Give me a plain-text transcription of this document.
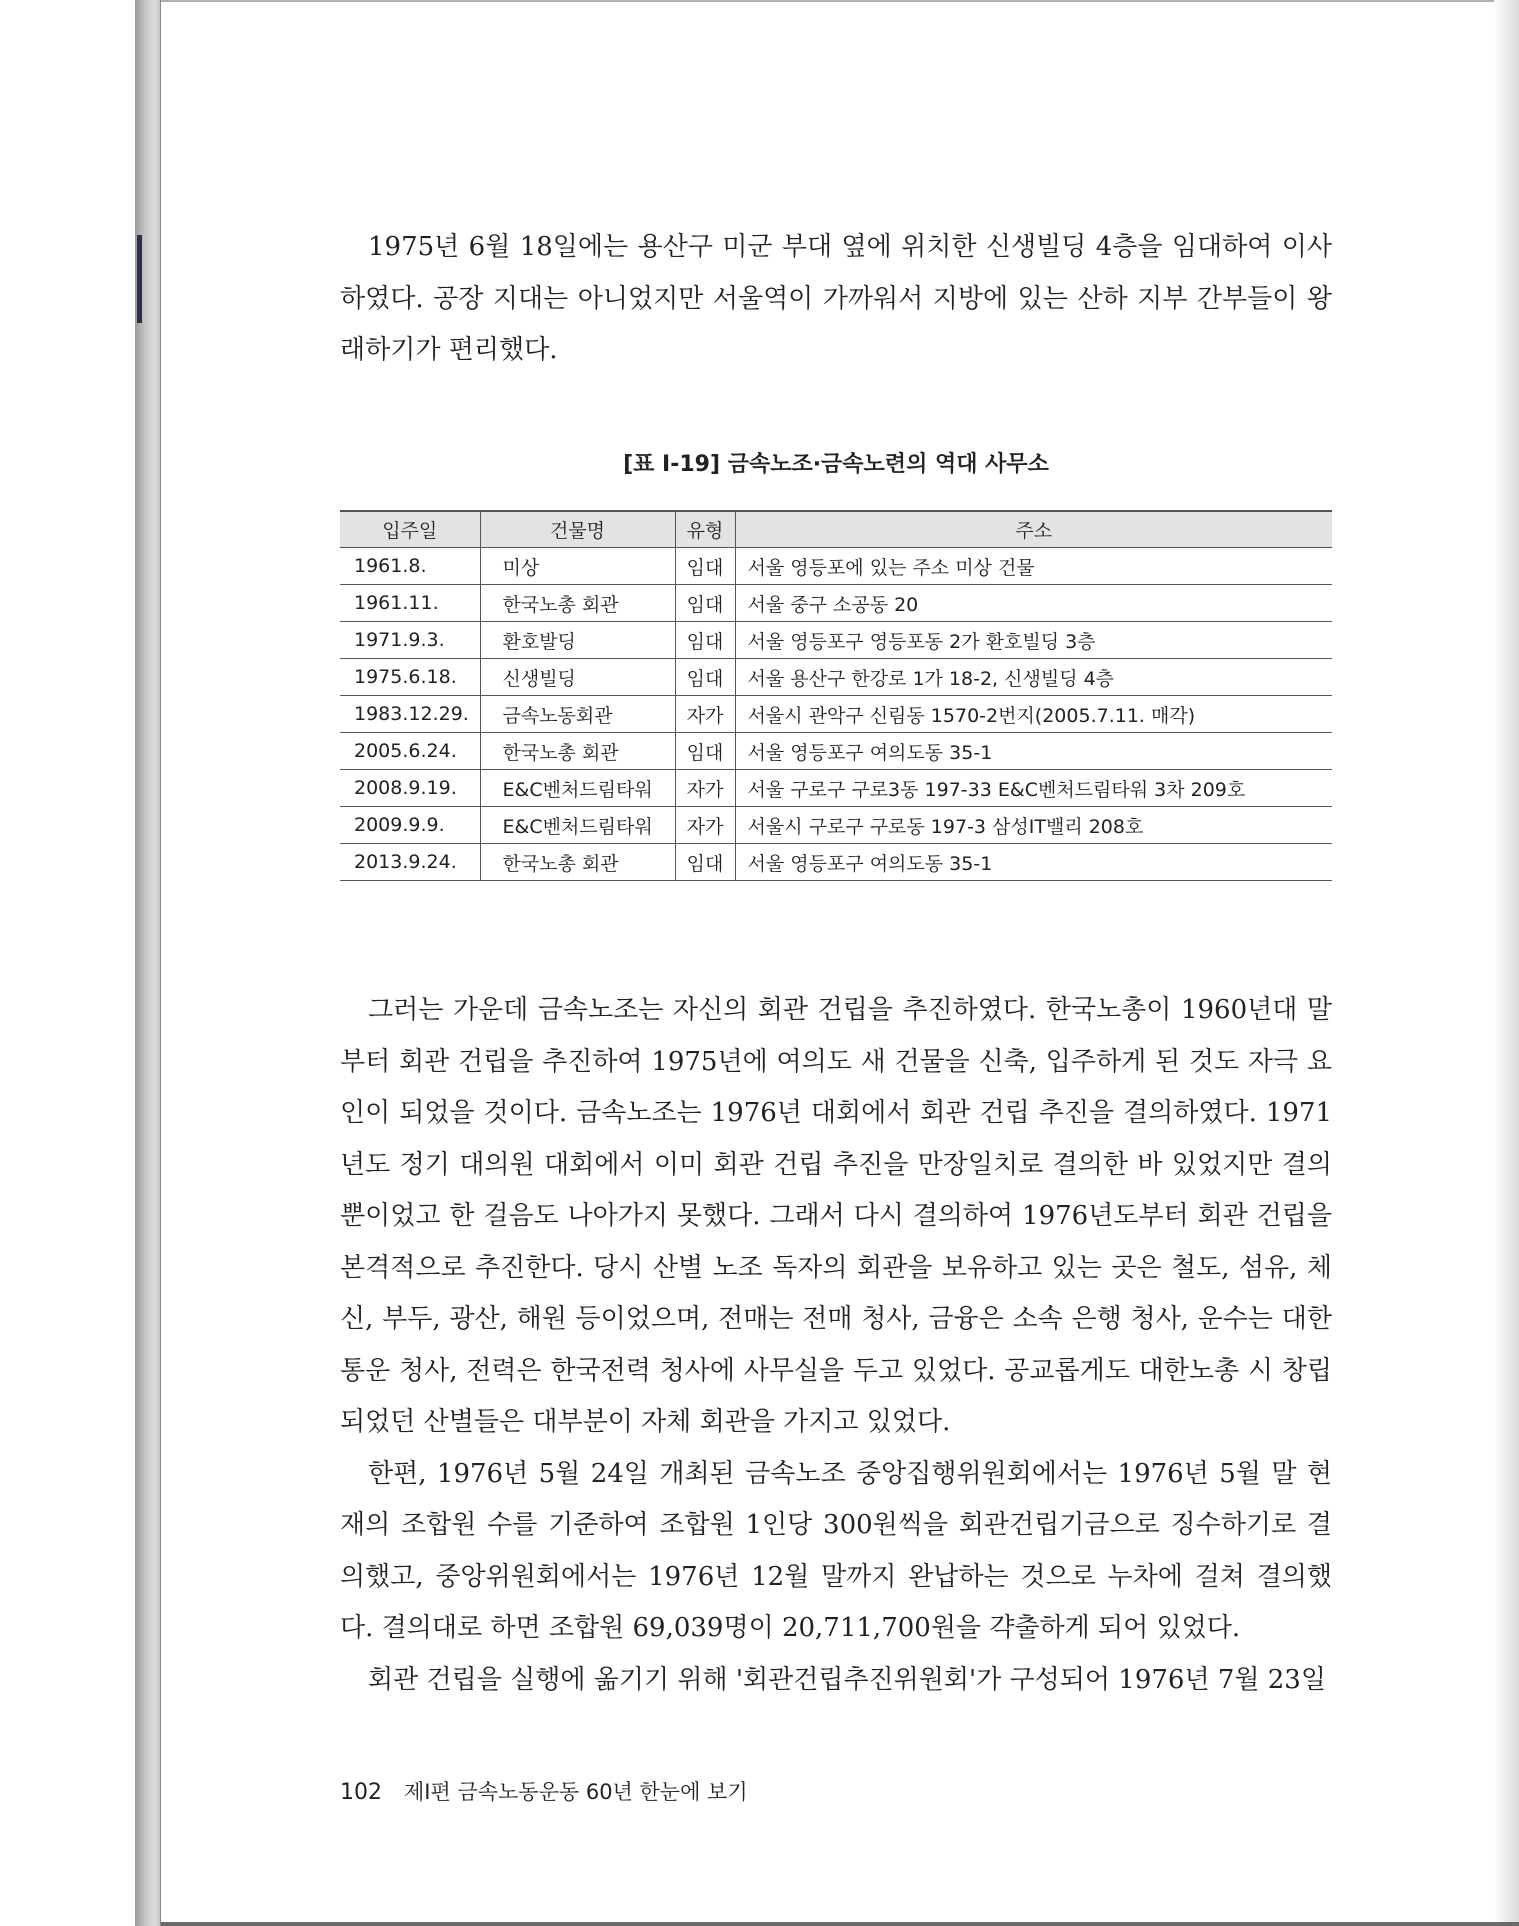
1975년 6월 18일에는 용산구 미군 부대 옆에 위치한 신생빌딩 4층을 임대하여 이사하였다. 공장 지대는 아니었지만 서울역이 가까워서 지방에 있는 산하 지부 간부들이 왕래하기가 편리했다.

[표 Ⅰ-19] 금속노조·금속노련의 역대 사무소
입주일	건물명	유형	주소
1961.8.	미상	임대	서울 영등포에 있는 주소 미상 건물
1961.11.	한국노총 회관	임대	서울 중구 소공동 20
1971.9.3.	환호발딩	임대	서울 영등포구 영등포동 2가 환호빌딩 3층
1975.6.18.	신생빌딩	임대	서울 용산구 한강로 1가 18-2, 신생빌딩 4층
1983.12.29.	금속노동회관	자가	서울시 관악구 신림동 1570-2번지(2005.7.11. 매각)
2005.6.24.	한국노총 회관	임대	서울 영등포구 여의도동 35-1
2008.9.19.	E&C벤처드림타워	자가	서울 구로구 구로3동 197-33 E&C벤처드림타워 3차 209호
2009.9.9.	E&C벤처드림타워	자가	서울시 구로구 구로동 197-3 삼성IT밸리 208호
2013.9.24.	한국노총 회관	임대	서울 영등포구 여의도동 35-1

그러는 가운데 금속노조는 자신의 회관 건립을 추진하였다. 한국노총이 1960년대 말부터 회관 건립을 추진하여 1975년에 여의도 새 건물을 신축, 입주하게 된 것도 자극 요인이 되었을 것이다. 금속노조는 1976년 대회에서 회관 건립 추진을 결의하였다. 1971년도 정기 대의원 대회에서 이미 회관 건립 추진을 만장일치로 결의한 바 있었지만 결의뿐이었고 한 걸음도 나아가지 못했다. 그래서 다시 결의하여 1976년도부터 회관 건립을 본격적으로 추진한다. 당시 산별 노조 독자의 회관을 보유하고 있는 곳은 철도, 섬유, 체신, 부두, 광산, 해원 등이었으며, 전매는 전매 청사, 금융은 소속 은행 청사, 운수는 대한통운 청사, 전력은 한국전력 청사에 사무실을 두고 있었다. 공교롭게도 대한노총 시 창립되었던 산별들은 대부분이 자체 회관을 가지고 있었다.

한편, 1976년 5월 24일 개최된 금속노조 중앙집행위원회에서는 1976년 5월 말 현재의 조합원 수를 기준하여 조합원 1인당 300원씩을 회관건립기금으로 징수하기로 결의했고, 중앙위원회에서는 1976년 12월 말까지 완납하는 것으로 누차에 걸쳐 결의했다. 결의대로 하면 조합원 69,039명이 20,711,700원을 갹출하게 되어 있었다.

회관 건립을 실행에 옮기기 위해 '회관건립추진위원회'가 구성되어 1976년 7월 23일

102 제Ⅰ편 금속노동운동 60년 한눈에 보기
